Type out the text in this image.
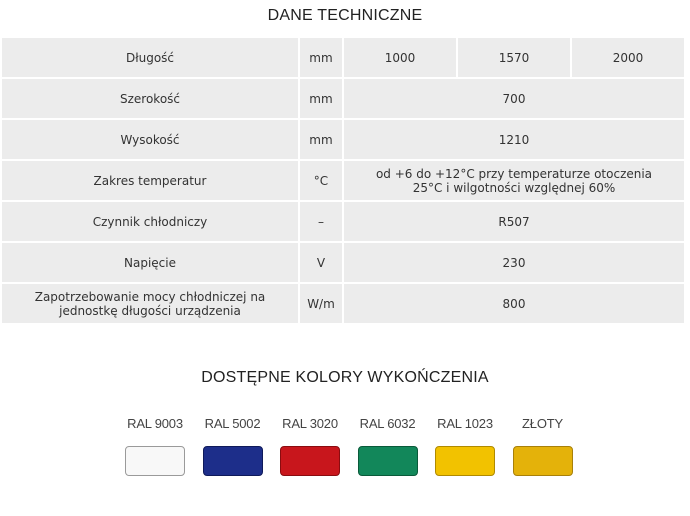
DANE TECHNICZNE
Długość	mm	1000	1570	2000
Szerokość	mm	700		
Wysokość	mm	1210		
Zakres temperatur	°C	od +6 do +12°C przy temperaturze otoczenia
25°C i wilgotności względnej 60%		

Czynnik chłodniczy	–	R507		
Napięcie	V	230		

Zapotrzebowanie mocy chłodniczej na
jednostkę długości urządzenia	W/m	800		
DOSTĘPNE KOLORY WYKOŃCZENIA
RAL 9003	RAL 5002	RAL 3020	RAL 6032	RAL 1023	ZŁOTY
